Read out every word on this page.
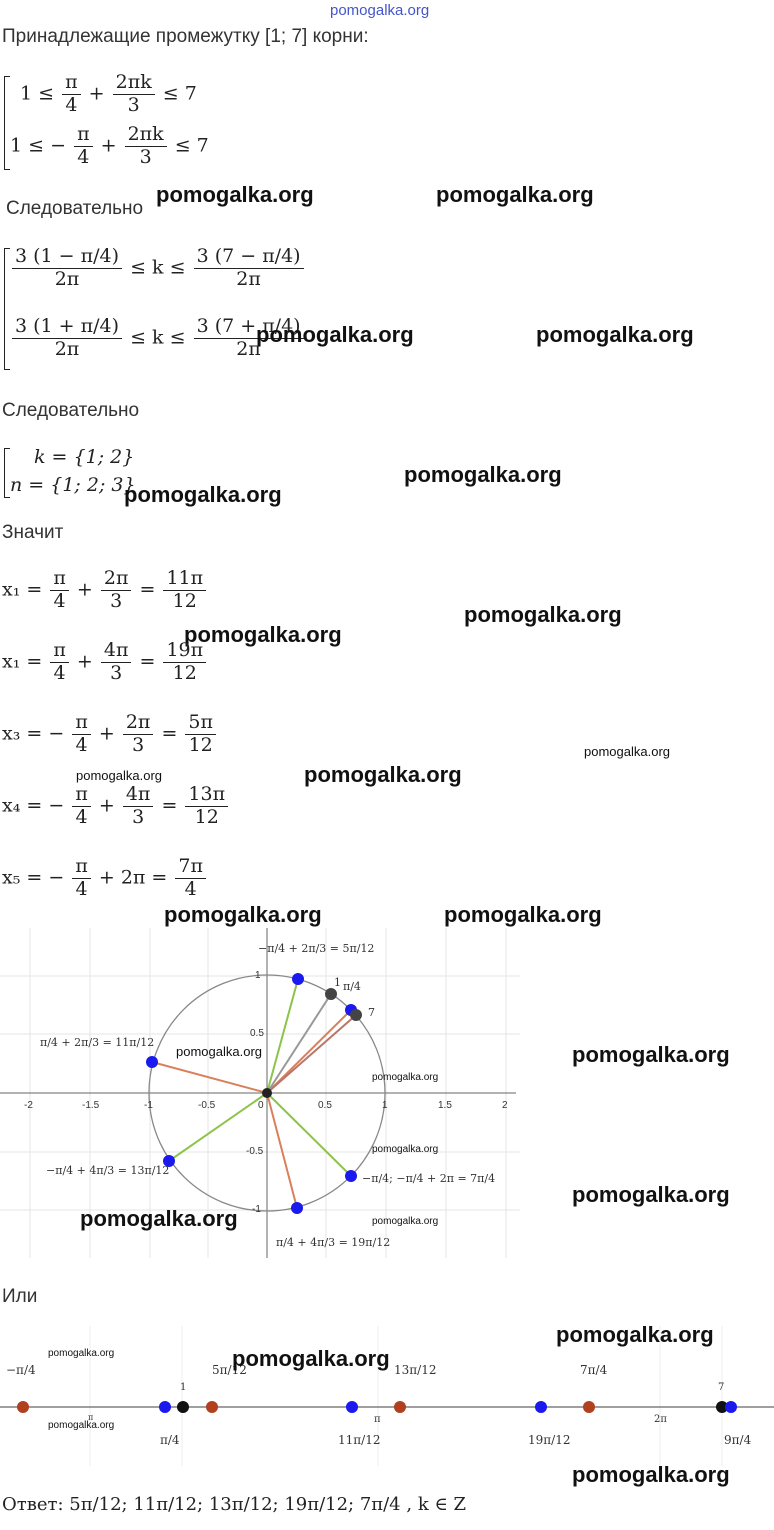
pomogalka.org
Принадлежащие промежутку [1; 7] корни:
$1 \le \frac{\pi}{4} + \frac{2\pi k}{3} \le 7$
1 ≤ − $\frac{\pi}{4} + \frac{2\pi k}{3} \le 7$
Следовательно
pomogalka.org	pomogalka.org
$\frac{3 (1 - \pi/4)}{2\pi} \le k \le \frac{3 (7 - \pi/4)}{2\pi}$
$\frac{3 (1 + \pi/4)}{2\pi} \le k \le \frac{3 (7 + \pi/4)}{2\pi}$
pomogalka.org	pomogalka.org
Следовательно
k = {1; 2}
n = {1; 2; 3}	pomogalka.org
pomogalka.org
Значит
$x_1 = \frac{\pi}{4} + \frac{2\pi}{3} = \frac{11\pi}{12}$
pomogalka.org
pomogalka.org
$x_1 = \frac{\pi}{4} + \frac{4\pi}{3} = \frac{19\pi}{12}$
x₃ = − $\frac{\pi}{4} + \frac{2\pi}{3} = \frac{5\pi}{12}$	pomogalka.org
pomogalka.org	pomogalka.org
x₄ = − $\frac{\pi}{4} + \frac{4\pi}{3} = \frac{13\pi}{12}$
x₅ = − $\frac{\pi}{4} + 2\pi = \frac{7\pi}{4}$
pomogalka.org	pomogalka.org
-2	-1.5	-1	-0.5	0	0.5	1	1.5	2
1
0.5
-0.5
-1
1
7
−π/4 + 2π/3 = 5π/12
π/4
π/4 + 2π/3 = 11π/12
−π/4 + 4π/3 = 13π/12
π/4 + 4π/3 = 19π/12
−π/4; −π/4 + 2π = 7π/4
pomogalka.org
pomogalka.org
pomogalka.org
pomogalka.org
pomogalka.org
pomogalka.org	pomogalka.org
Или
−π/4	5π/12	13π/12	7π/4
π/4	11π/12	19π/12	9π/4
1	7
π	2π
π
pomogalka.org
pomogalka.org
pomogalka.org
pomogalka.org
pomogalka.org
Ответ: 5π/12; 11π/12; 13π/12; 19π/12; 7π/4 , k ∈ Z
